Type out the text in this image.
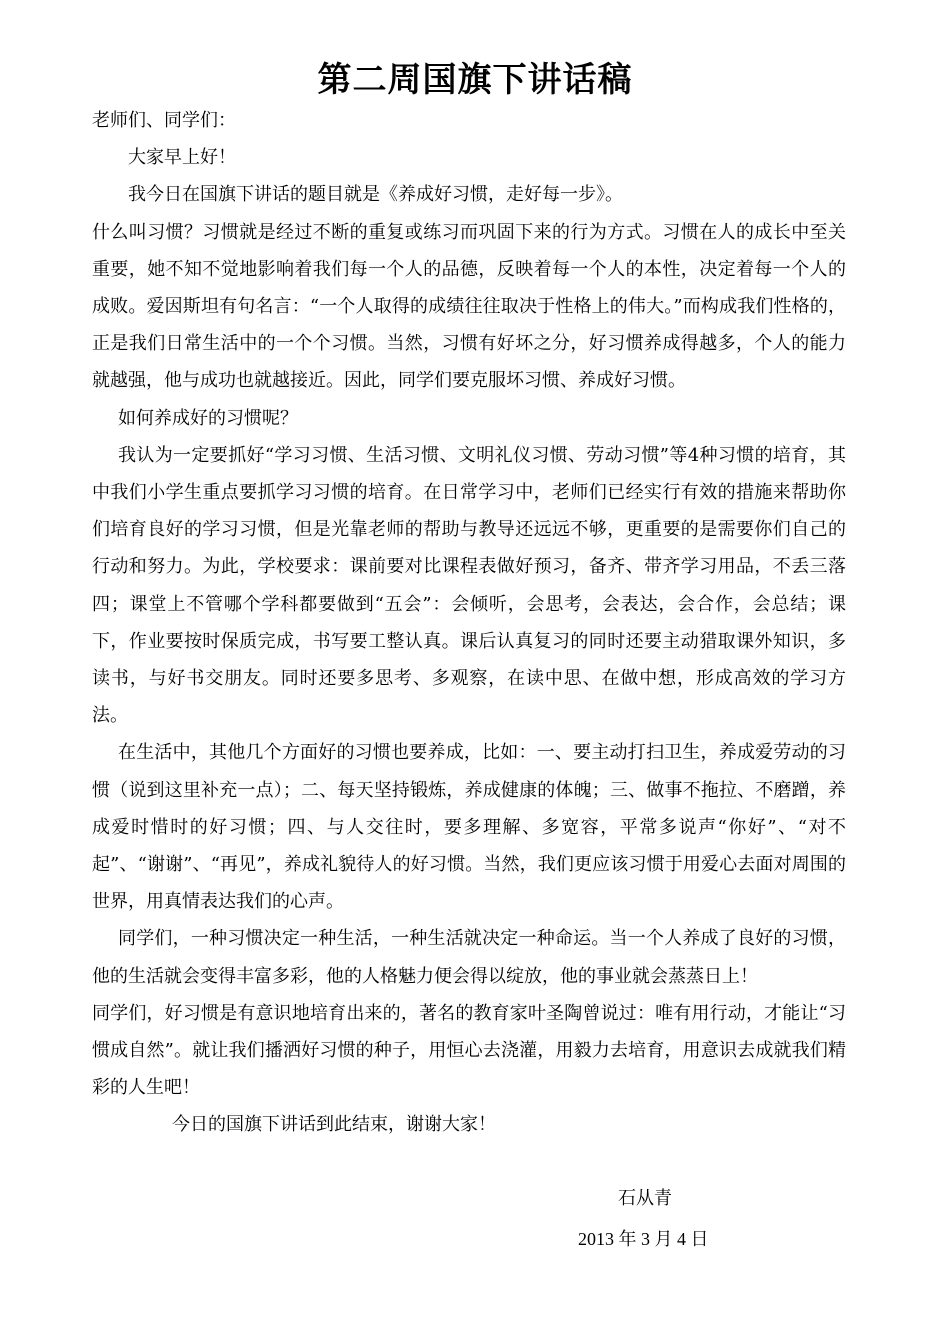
第二周国旗下讲话稿

老师们、同学们：

大家早上好！

我今日在国旗下讲话的题目就是《养成好习惯，走好每一步》。

什么叫习惯？习惯就是经过不断的重复或练习而巩固下来的行为方式。习惯在人的成长中至关重要，她不知不觉地影响着我们每一个人的品德，反映着每一个人的本性，决定着每一个人的成败。爱因斯坦有句名言：“一个人取得的成绩往往取决于性格上的伟大。”而构成我们性格的，正是我们日常生活中的一个个习惯。当然，习惯有好坏之分，好习惯养成得越多，个人的能力就越强，他与成功也就越接近。因此，同学们要克服坏习惯、养成好习惯。

如何养成好的习惯呢？

我认为一定要抓好“学习习惯、生活习惯、文明礼仪习惯、劳动习惯”等4种习惯的培育，其中我们小学生重点要抓学习习惯的培育。在日常学习中，老师们已经实行有效的措施来帮助你们培育良好的学习习惯，但是光靠老师的帮助与教导还远远不够，更重要的是需要你们自己的行动和努力。为此，学校要求：课前要对比课程表做好预习，备齐、带齐学习用品，不丢三落四；课堂上不管哪个学科都要做到“五会”：会倾听，会思考，会表达，会合作，会总结；课下，作业要按时保质完成，书写要工整认真。课后认真复习的同时还要主动猎取课外知识，多读书，与好书交朋友。同时还要多思考、多观察，在读中思、在做中想，形成高效的学习方法。

在生活中，其他几个方面好的习惯也要养成，比如：一、要主动打扫卫生，养成爱劳动的习惯（说到这里补充一点）；二、每天坚持锻炼，养成健康的体魄；三、做事不拖拉、不磨蹭，养成爱时惜时的好习惯；四、与人交往时，要多理解、多宽容，平常多说声“你好”、“对不起”、“谢谢”、“再见”，养成礼貌待人的好习惯。当然，我们更应该习惯于用爱心去面对周围的世界，用真情表达我们的心声。

同学们，一种习惯决定一种生活，一种生活就决定一种命运。当一个人养成了良好的习惯，他的生活就会变得丰富多彩，他的人格魅力便会得以绽放，他的事业就会蒸蒸日上！

同学们，好习惯是有意识地培育出来的，著名的教育家叶圣陶曾说过：唯有用行动，才能让“习惯成自然”。就让我们播洒好习惯的种子，用恒心去浇灌，用毅力去培育，用意识去成就我们精彩的人生吧！

今日的国旗下讲话到此结束，谢谢大家！

石从青
2013 年 3 月 4 日
